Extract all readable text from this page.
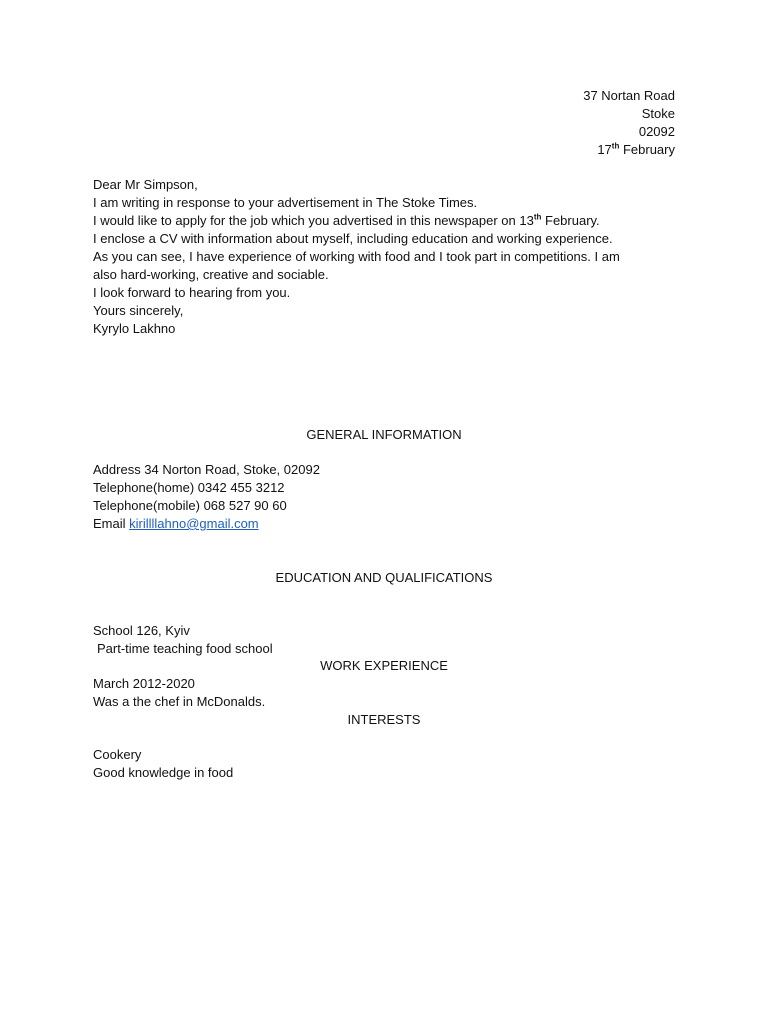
37 Nortan Road
Stoke
02092
17th February
Dear Mr Simpson,
I am writing in response to your advertisement in The Stoke Times.
I would like to apply for the job which you advertised in this newspaper on 13th February.
I enclose a CV with information about myself, including education and working experience.
As you can see, I have experience of working with food and I took part in competitions. I am
also hard-working, creative and sociable.
I look forward to hearing from you.
Yours sincerely,
Kyrylo Lakhno
GENERAL INFORMATION
Address 34 Norton Road, Stoke, 02092
Telephone(home) 0342 455 3212
Telephone(mobile) 068 527 90 60
Email kirillllahno@gmail.com
EDUCATION AND QUALIFICATIONS
School 126, Kyiv
Part-time teaching food school
WORK EXPERIENCE
March 2012-2020
Was a the chef in McDonalds.
INTERESTS
Cookery
Good knowledge in food
